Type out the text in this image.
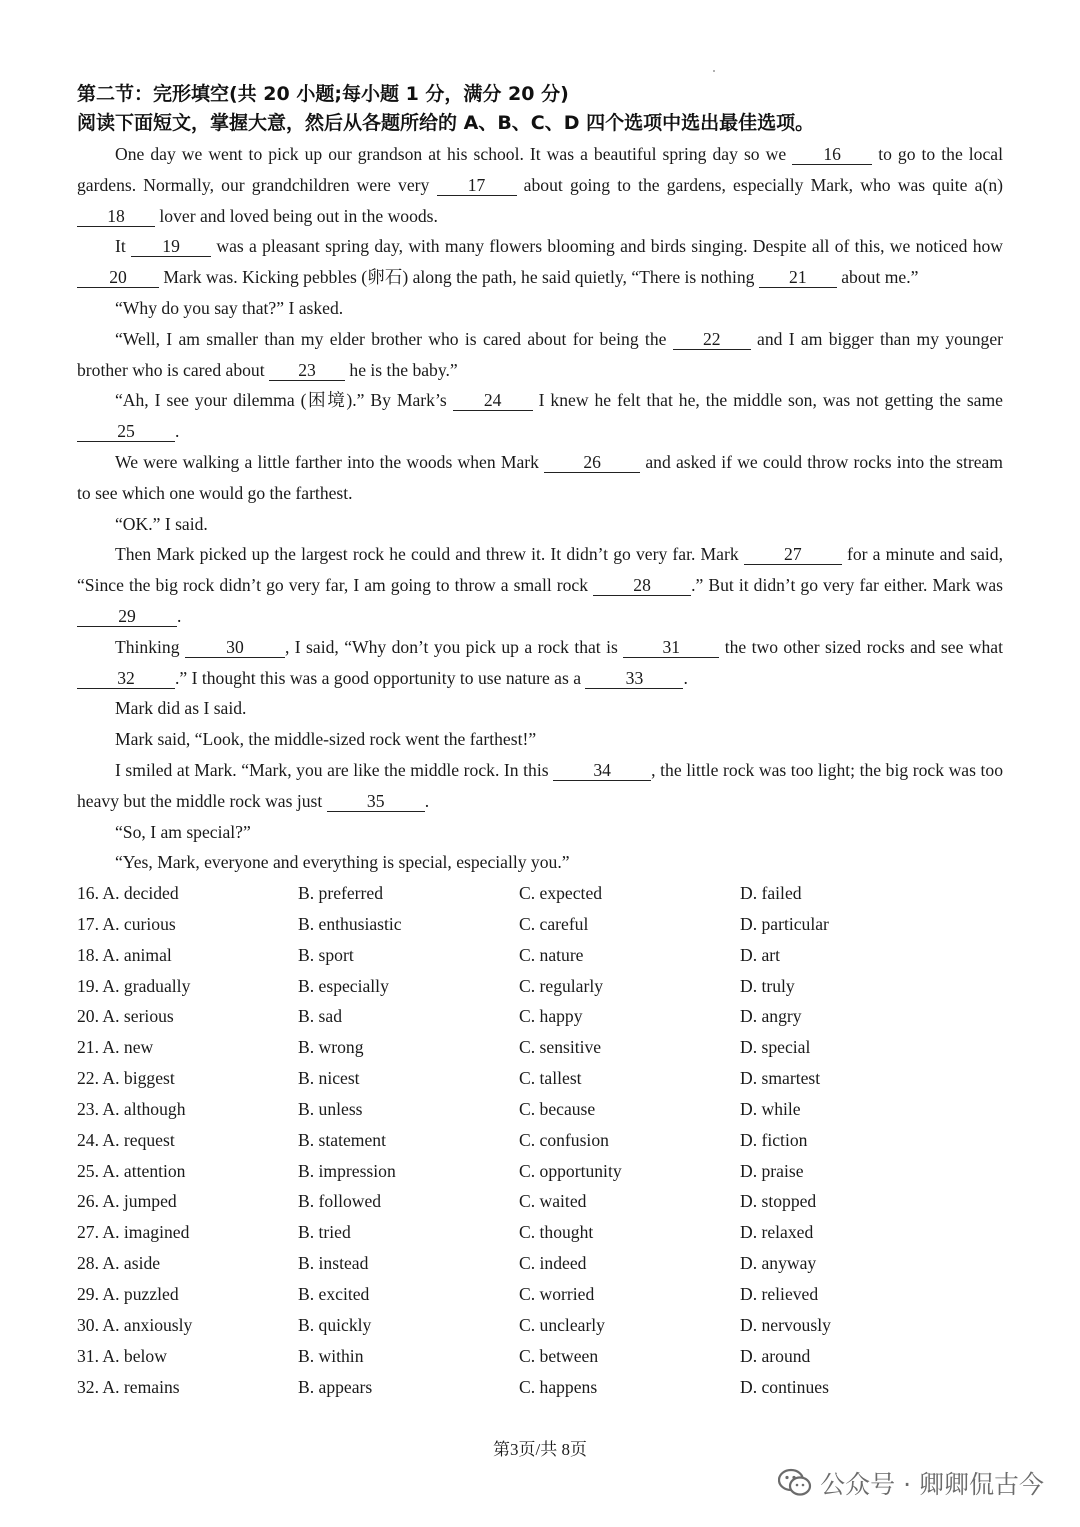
第二节：完形填空(共 20 小题;每小题 1 分，满分 20 分)
阅读下面短文，掌握大意，然后从各题所给的 A、B、C、D 四个选项中选出最佳选项。

One day we went to pick up our grandson at his school. It was a beautiful spring day so we 16 to go to the local gardens. Normally, our grandchildren were very 17 about going to the gardens, especially Mark, who was quite a(n) 18 lover and loved being out in the woods.

It 19 was a pleasant spring day, with many flowers blooming and birds singing. Despite all of this, we noticed how 20 Mark was. Kicking pebbles (卵石) along the path, he said quietly, “There is nothing 21 about me.”

“Why do you say that?” I asked.

“Well, I am smaller than my elder brother who is cared about for being the 22 and I am bigger than my younger brother who is cared about 23 he is the baby.”

“Ah, I see your dilemma (困境).” By Mark’s 24 I knew he felt that he, the middle son, was not getting the same 25 .

We were walking a little farther into the woods when Mark 26 and asked if we could throw rocks into the stream to see which one would go the farthest.

“OK.” I said.

Then Mark picked up the largest rock he could and threw it. It didn’t go very far. Mark 27 for a minute and said, “Since the big rock didn’t go very far, I am going to throw a small rock 28 .” But it didn’t go very far either. Mark was 29 .

Thinking 30 , I said, “Why don’t you pick up a rock that is 31 the two other sized rocks and see what 32 .” I thought this was a good opportunity to use nature as a 33 .

Mark did as I said.

Mark said, “Look, the middle-sized rock went the farthest!”

I smiled at Mark. “Mark, you are like the middle rock. In this 34 , the little rock was too light; the big rock was too heavy but the middle rock was just 35 .

“So, I am special?”

“Yes, Mark, everyone and everything is special, especially you.”

16. A. decided	B. preferred	C. expected	D. failed
17. A. curious	B. enthusiastic	C. careful	D. particular
18. A. animal	B. sport	C. nature	D. art
19. A. gradually	B. especially	C. regularly	D. truly
20. A. serious	B. sad	C. happy	D. angry
21. A. new	B. wrong	C. sensitive	D. special
22. A. biggest	B. nicest	C. tallest	D. smartest
23. A. although	B. unless	C. because	D. while
24. A. request	B. statement	C. confusion	D. fiction
25. A. attention	B. impression	C. opportunity	D. praise
26. A. jumped	B. followed	C. waited	D. stopped
27. A. imagined	B. tried	C. thought	D. relaxed
28. A. aside	B. instead	C. indeed	D. anyway
29. A. puzzled	B. excited	C. worried	D. relieved
30. A. anxiously	B. quickly	C. unclearly	D. nervously
31. A. below	B. within	C. between	D. around
32. A. remains	B. appears	C. happens	D. continues
第3页/共 8页
公众号 · 卿卿侃古今
